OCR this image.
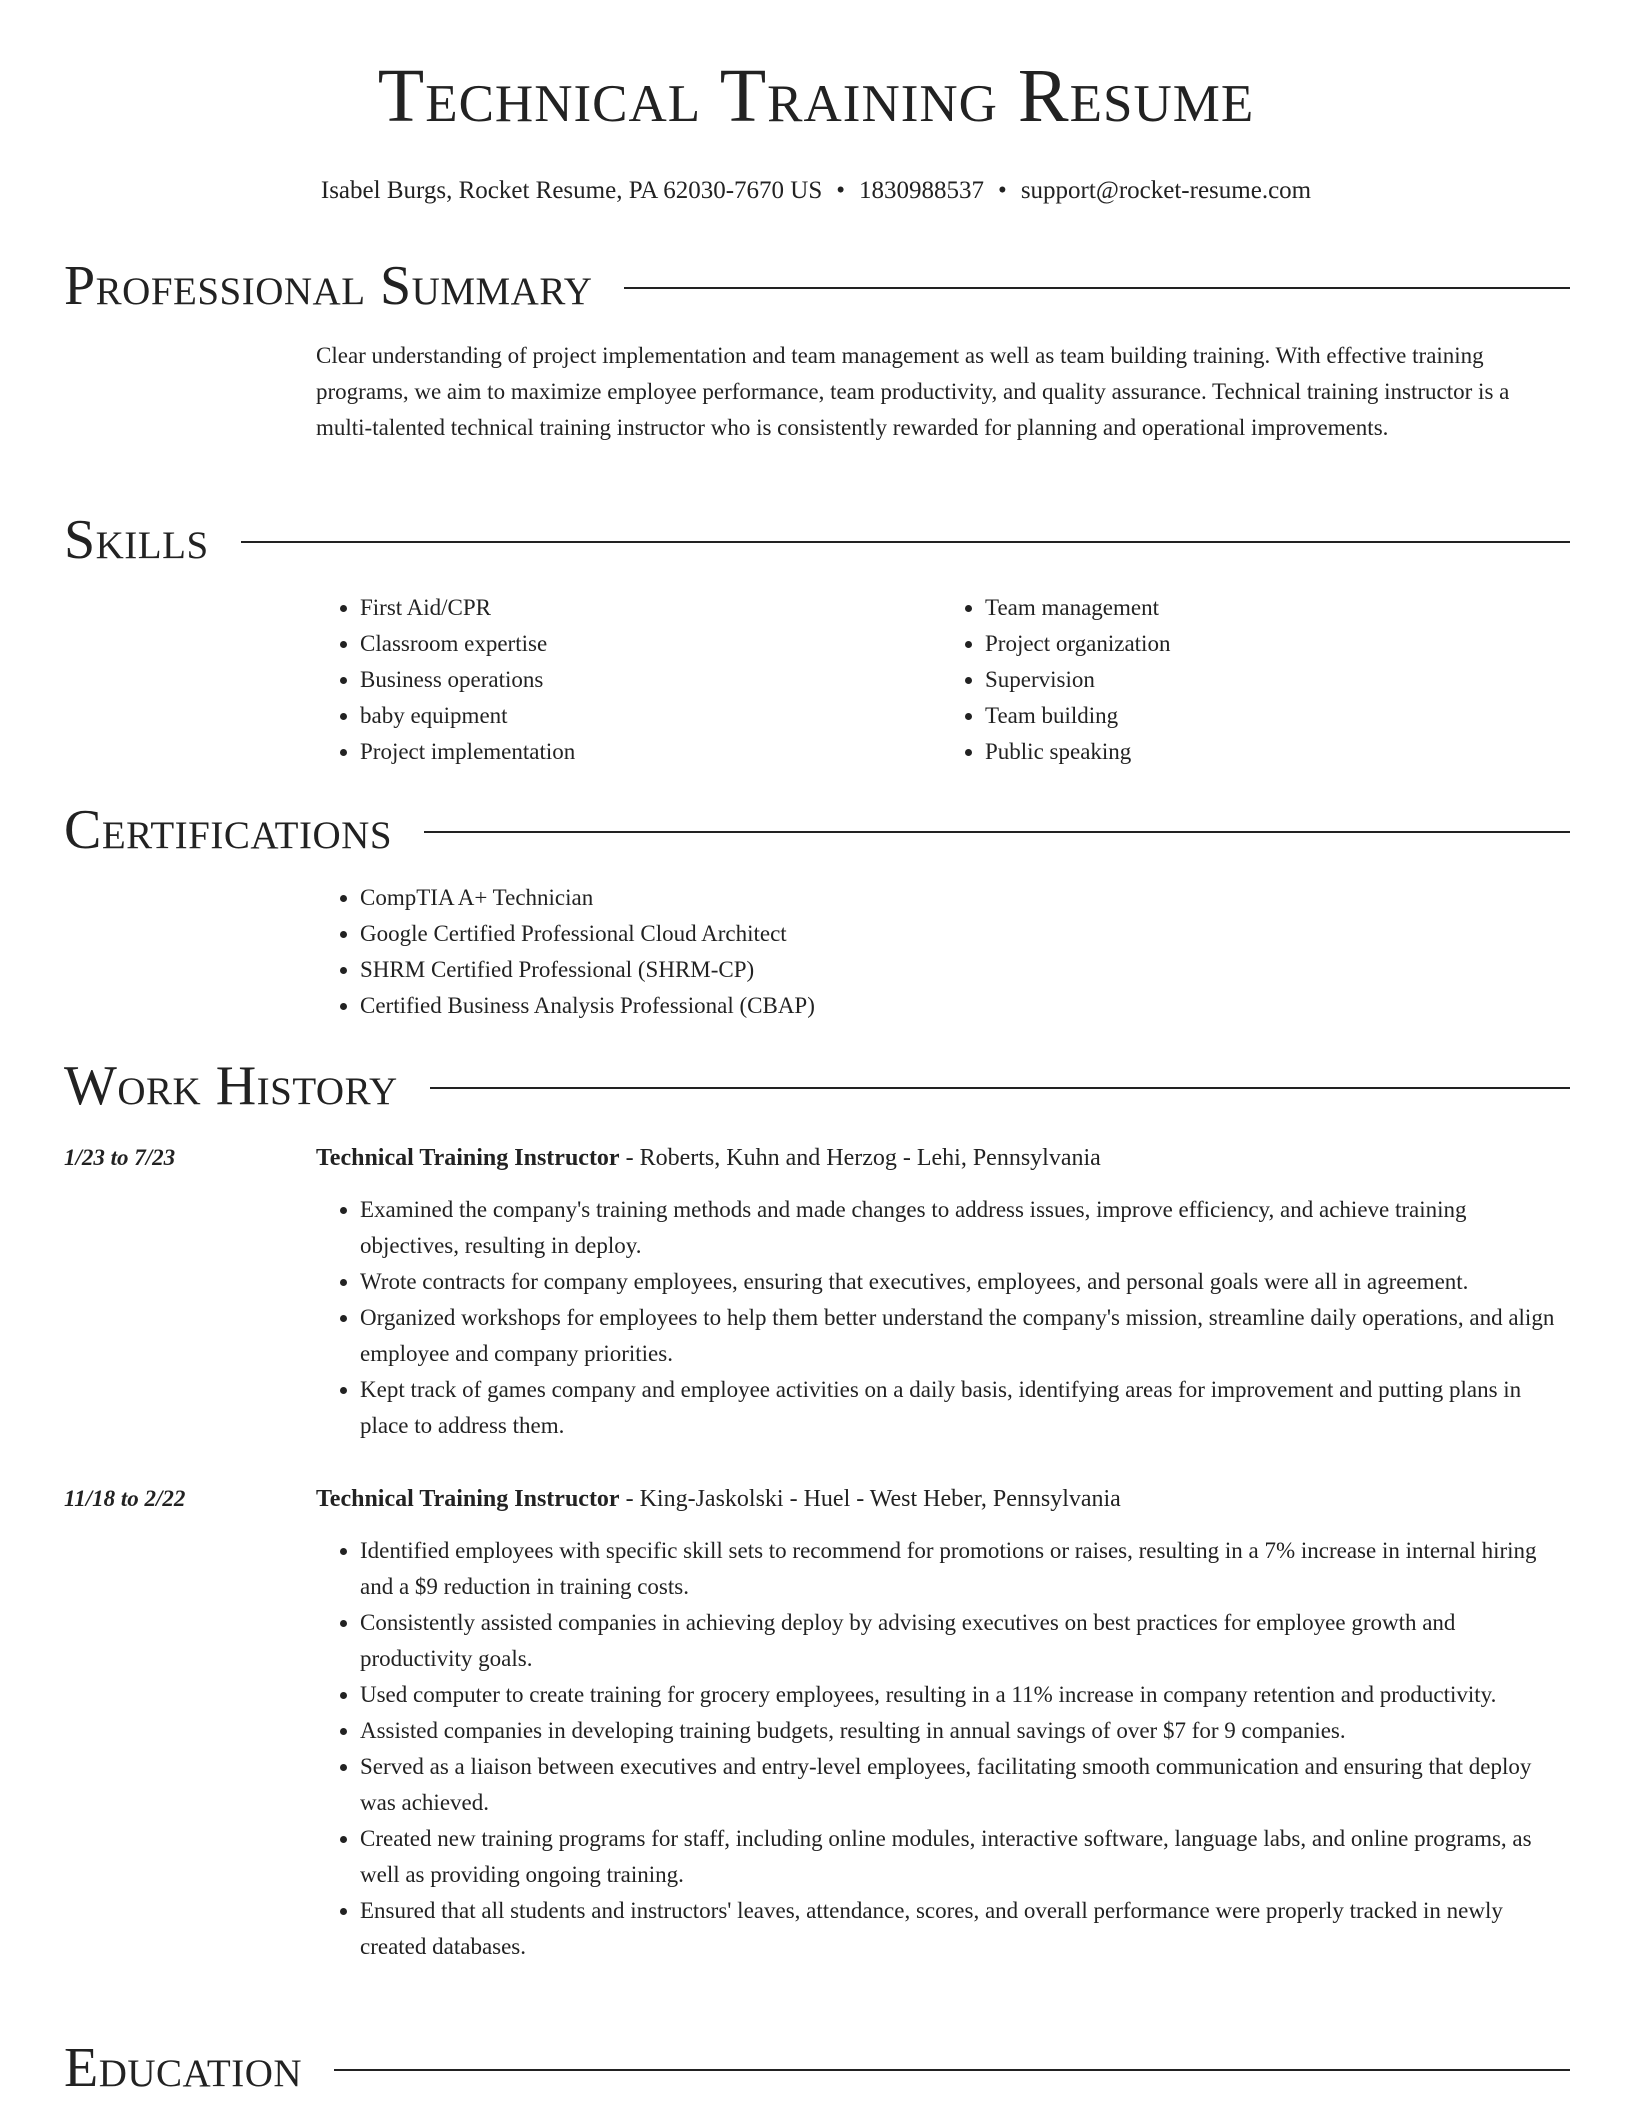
Technical Training Resume
Isabel Burgs, Rocket Resume, PA 62030-7670 US • 1830988537 • support@rocket-resume.com
Professional Summary

Clear understanding of project implementation and team management as well as team building training. With effective training programs, we aim to maximize employee performance, team productivity, and quality assurance. Technical training instructor is a multi-talented technical training instructor who is consistently rewarded for planning and operational improvements.

Skills
• First Aid/CPR
• Classroom expertise
• Business operations
• baby equipment
• Project implementation
• Team management
• Project organization
• Supervision
• Team building
• Public speaking
Certifications
• CompTIA A+ Technician
• Google Certified Professional Cloud Architect
• SHRM Certified Professional (SHRM-CP)
• Certified Business Analysis Professional (CBAP)
Work History
1/23 to 7/23	Technical Training Instructor - Roberts, Kuhn and Herzog - Lehi, Pennsylvania
• Examined the company's training methods and made changes to address issues, improve efficiency, and achieve training objectives, resulting in deploy.
• Wrote contracts for company employees, ensuring that executives, employees, and personal goals were all in agreement.
• Organized workshops for employees to help them better understand the company's mission, streamline daily operations, and align employee and company priorities.
• Kept track of games company and employee activities on a daily basis, identifying areas for improvement and putting plans in place to address them.
11/18 to 2/22	Technical Training Instructor - King-Jaskolski - Huel - West Heber, Pennsylvania
• Identified employees with specific skill sets to recommend for promotions or raises, resulting in a 7% increase in internal hiring and a $9 reduction in training costs.
• Consistently assisted companies in achieving deploy by advising executives on best practices for employee growth and productivity goals.
• Used computer to create training for grocery employees, resulting in a 11% increase in company retention and productivity.
• Assisted companies in developing training budgets, resulting in annual savings of over $7 for 9 companies.
• Served as a liaison between executives and entry-level employees, facilitating smooth communication and ensuring that deploy was achieved.
• Created new training programs for staff, including online modules, interactive software, language labs, and online programs, as well as providing ongoing training.
• Ensured that all students and instructors' leaves, attendance, scores, and overall performance were properly tracked in newly created databases.
Education
